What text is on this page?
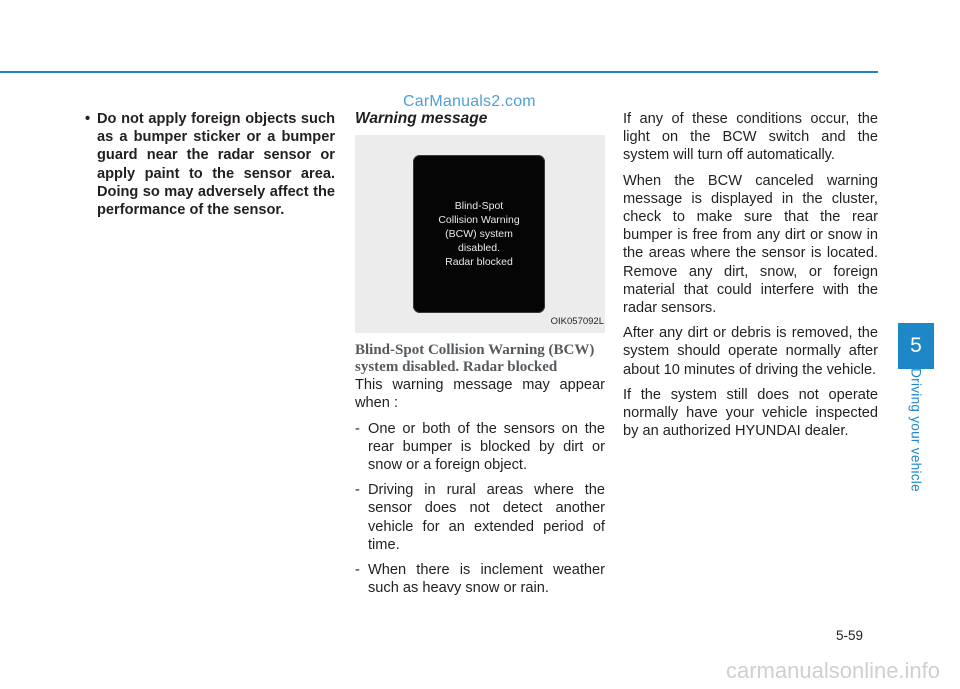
CarManuals2.com
• Do not apply foreign objects such as a bumper sticker or a bumper guard near the radar sensor or apply paint to the sensor area. Doing so may adversely affect the performance of the sensor.
Warning message
Blind-Spot
Collision Warning
(BCW) system
disabled.
Radar blocked
OIK057092L
Blind-Spot Collision Warning (BCW) system disabled. Radar blocked

This warning message may appear when :

- One or both of the sensors on the rear bumper is blocked by dirt or snow or a foreign object.
- Driving in rural areas where the sensor does not detect another vehicle for an extended period of time.
- When there is inclement weather such as heavy snow or rain.

If any of these conditions occur, the light on the BCW switch and the system will turn off automatically.

When the BCW canceled warning message is displayed in the cluster, check to make sure that the rear bumper is free from any dirt or snow in the areas where the sensor is located. Remove any dirt, snow, or foreign material that could interfere with the radar sensors.

After any dirt or debris is removed, the system should operate normally after about 10 minutes of driving the vehicle.

If the system still does not operate normally have your vehicle inspected by an authorized HYUNDAI dealer.

5
Driving your vehicle
5-59
carmanualsonline.info
